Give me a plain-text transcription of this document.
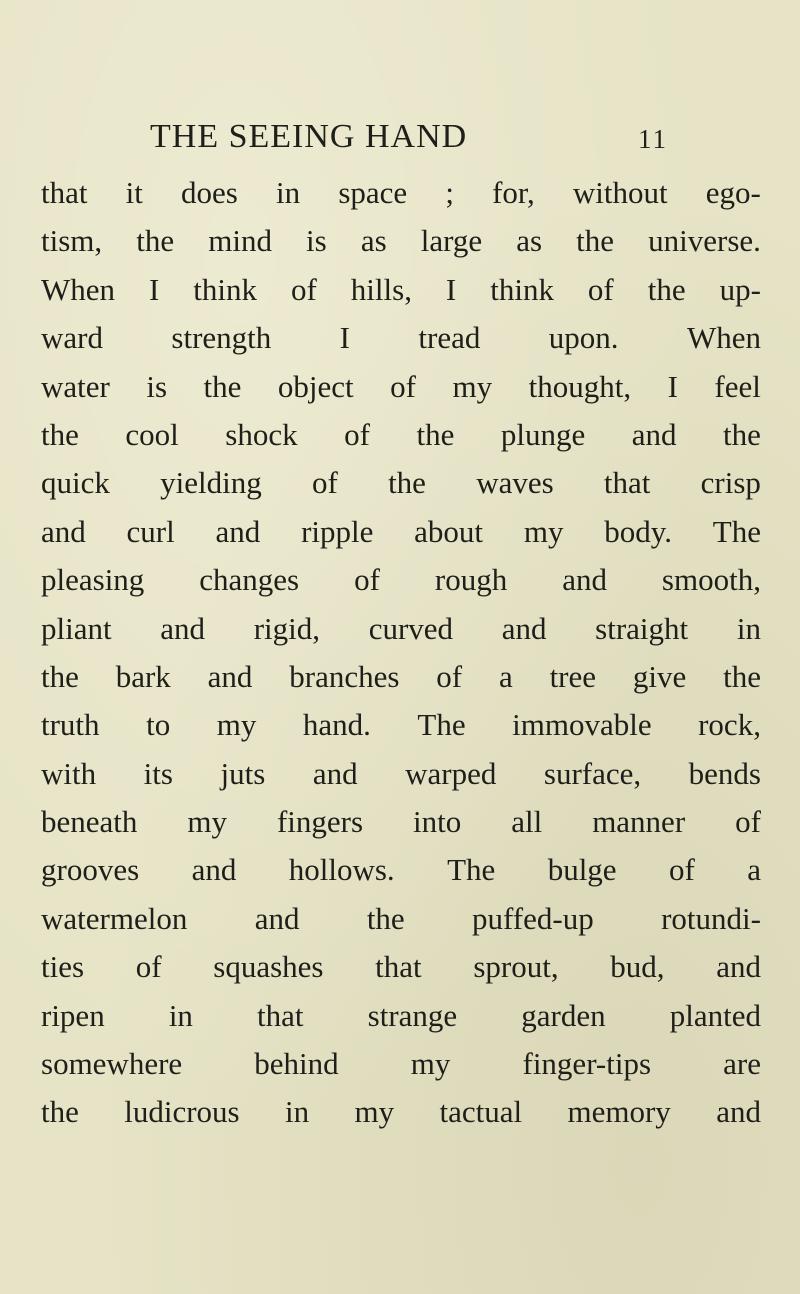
THE SEEING HAND	11
that it does in space ; for, without ego-
tism, the mind is as large as the universe.
When I think of hills, I think of the up-
ward strength I tread upon. When
water is the object of my thought, I feel
the cool shock of the plunge and the
quick yielding of the waves that crisp
and curl and ripple about my body. The
pleasing changes of rough and smooth,
pliant and rigid, curved and straight in
the bark and branches of a tree give the
truth to my hand. The immovable rock,
with its juts and warped surface, bends
beneath my fingers into all manner of
grooves and hollows. The bulge of a
watermelon and the puffed-up rotundi-
ties of squashes that sprout, bud, and
ripen in that strange garden planted
somewhere behind my finger-tips are
the ludicrous in my tactual memory and
